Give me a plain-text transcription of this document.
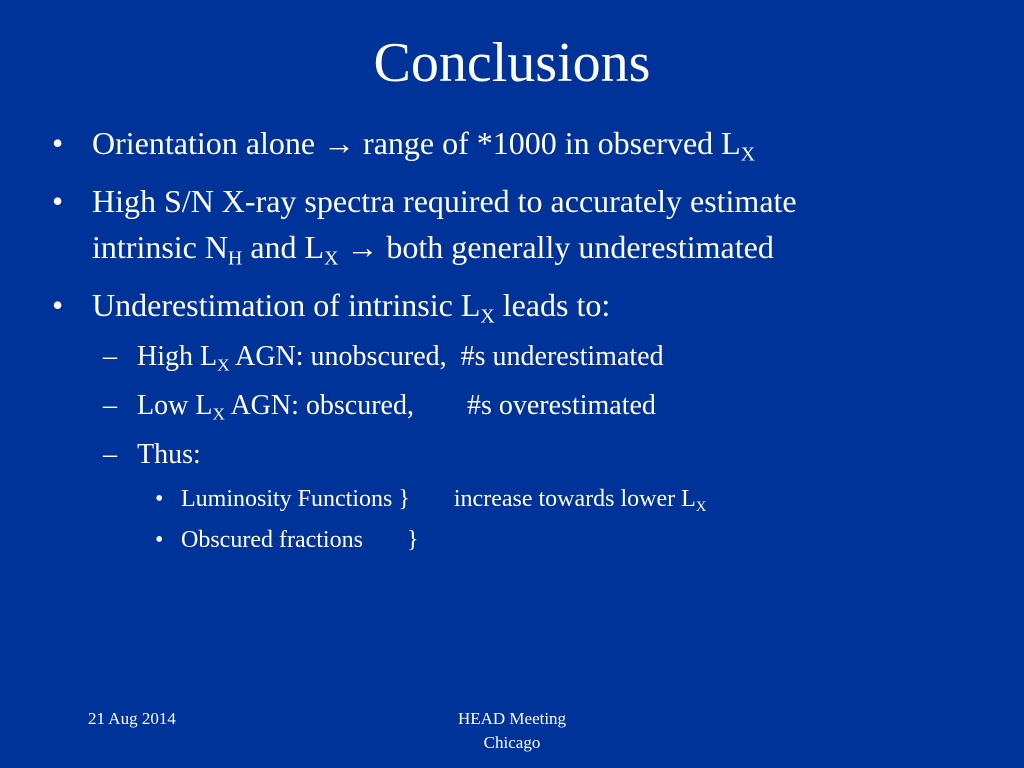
Conclusions
• Orientation alone → range of *1000 in observed $L_X$
• High S/N X-ray spectra required to accurately estimate
intrinsic $N_H$ and $L_X$ → both generally underestimated
• Underestimation of intrinsic $L_X$ leads to:
– High $L_X$ AGN: unobscured, #s underestimated
– Low $L_X$ AGN: obscured, #s overestimated
– Thus:
• Luminosity Functions } increase towards lower $L_X$
• Obscured fractions }
21 Aug 2014	HEAD Meeting
Chicago
